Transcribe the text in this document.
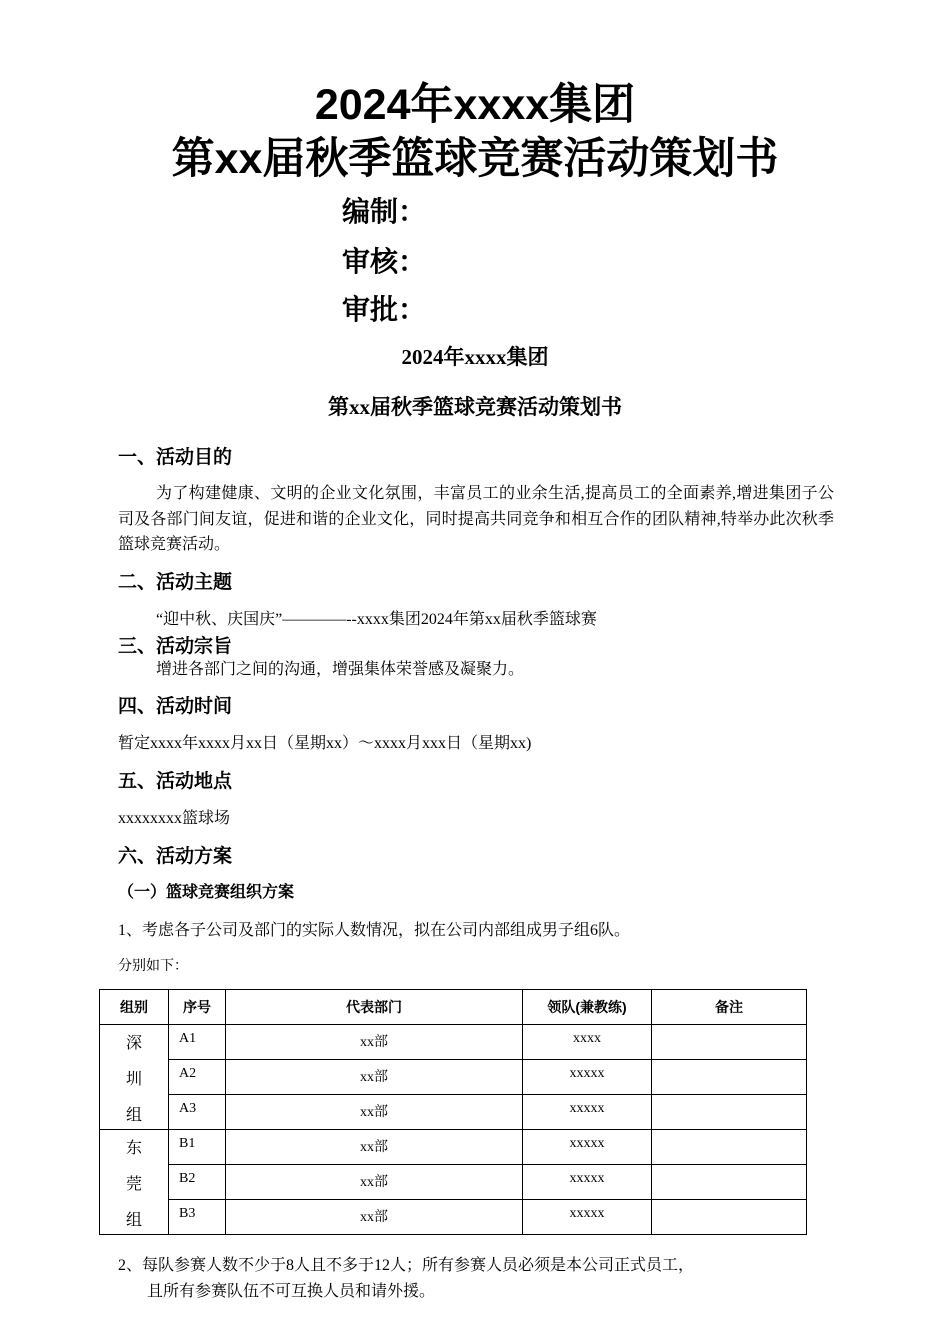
2024年xxxx集团
第xx届秋季篮球竞赛活动策划书
编制：
审核：
审批：
2024年xxxx集团
第xx届秋季篮球竞赛活动策划书
一、活动目的
为了构建健康、文明的企业文化氛围，丰富员工的业余生活,提高员工的全面素养,增进集团子公司及各部门间友谊，促进和谐的企业文化，同时提高共同竞争和相互合作的团队精神,特举办此次秋季篮球竞赛活动。
二、活动主题
“迎中秋、庆国庆”————--xxxx集团2024年第xx届秋季篮球赛
三、活动宗旨
增进各部门之间的沟通，增强集体荣誉感及凝聚力。
四、活动时间
暂定xxxx年xxxx月xx日（星期xx）～xxxx月xxx日（星期xx)
五、活动地点
xxxxxxxx篮球场
六、活动方案
（一）篮球竞赛组织方案
1、考虑各子公司及部门的实际人数情况，拟在公司内部组成男子组6队。
分别如下：
组别	序号	代表部门	领队(兼教练)	备注

深
圳
组	A1	xx部	xxxx	
	A2	xx部	xxxxx	
	A3	xx部	xxxxx	

东
莞
组	B1	xx部	xxxxx	
	B2	xx部	xxxxx	
	B3	xx部	xxxxx	
2、每队参赛人数不少于8人且不多于12人；所有参赛人员必须是本公司正式员工，
且所有参赛队伍不可互换人员和请外援。
